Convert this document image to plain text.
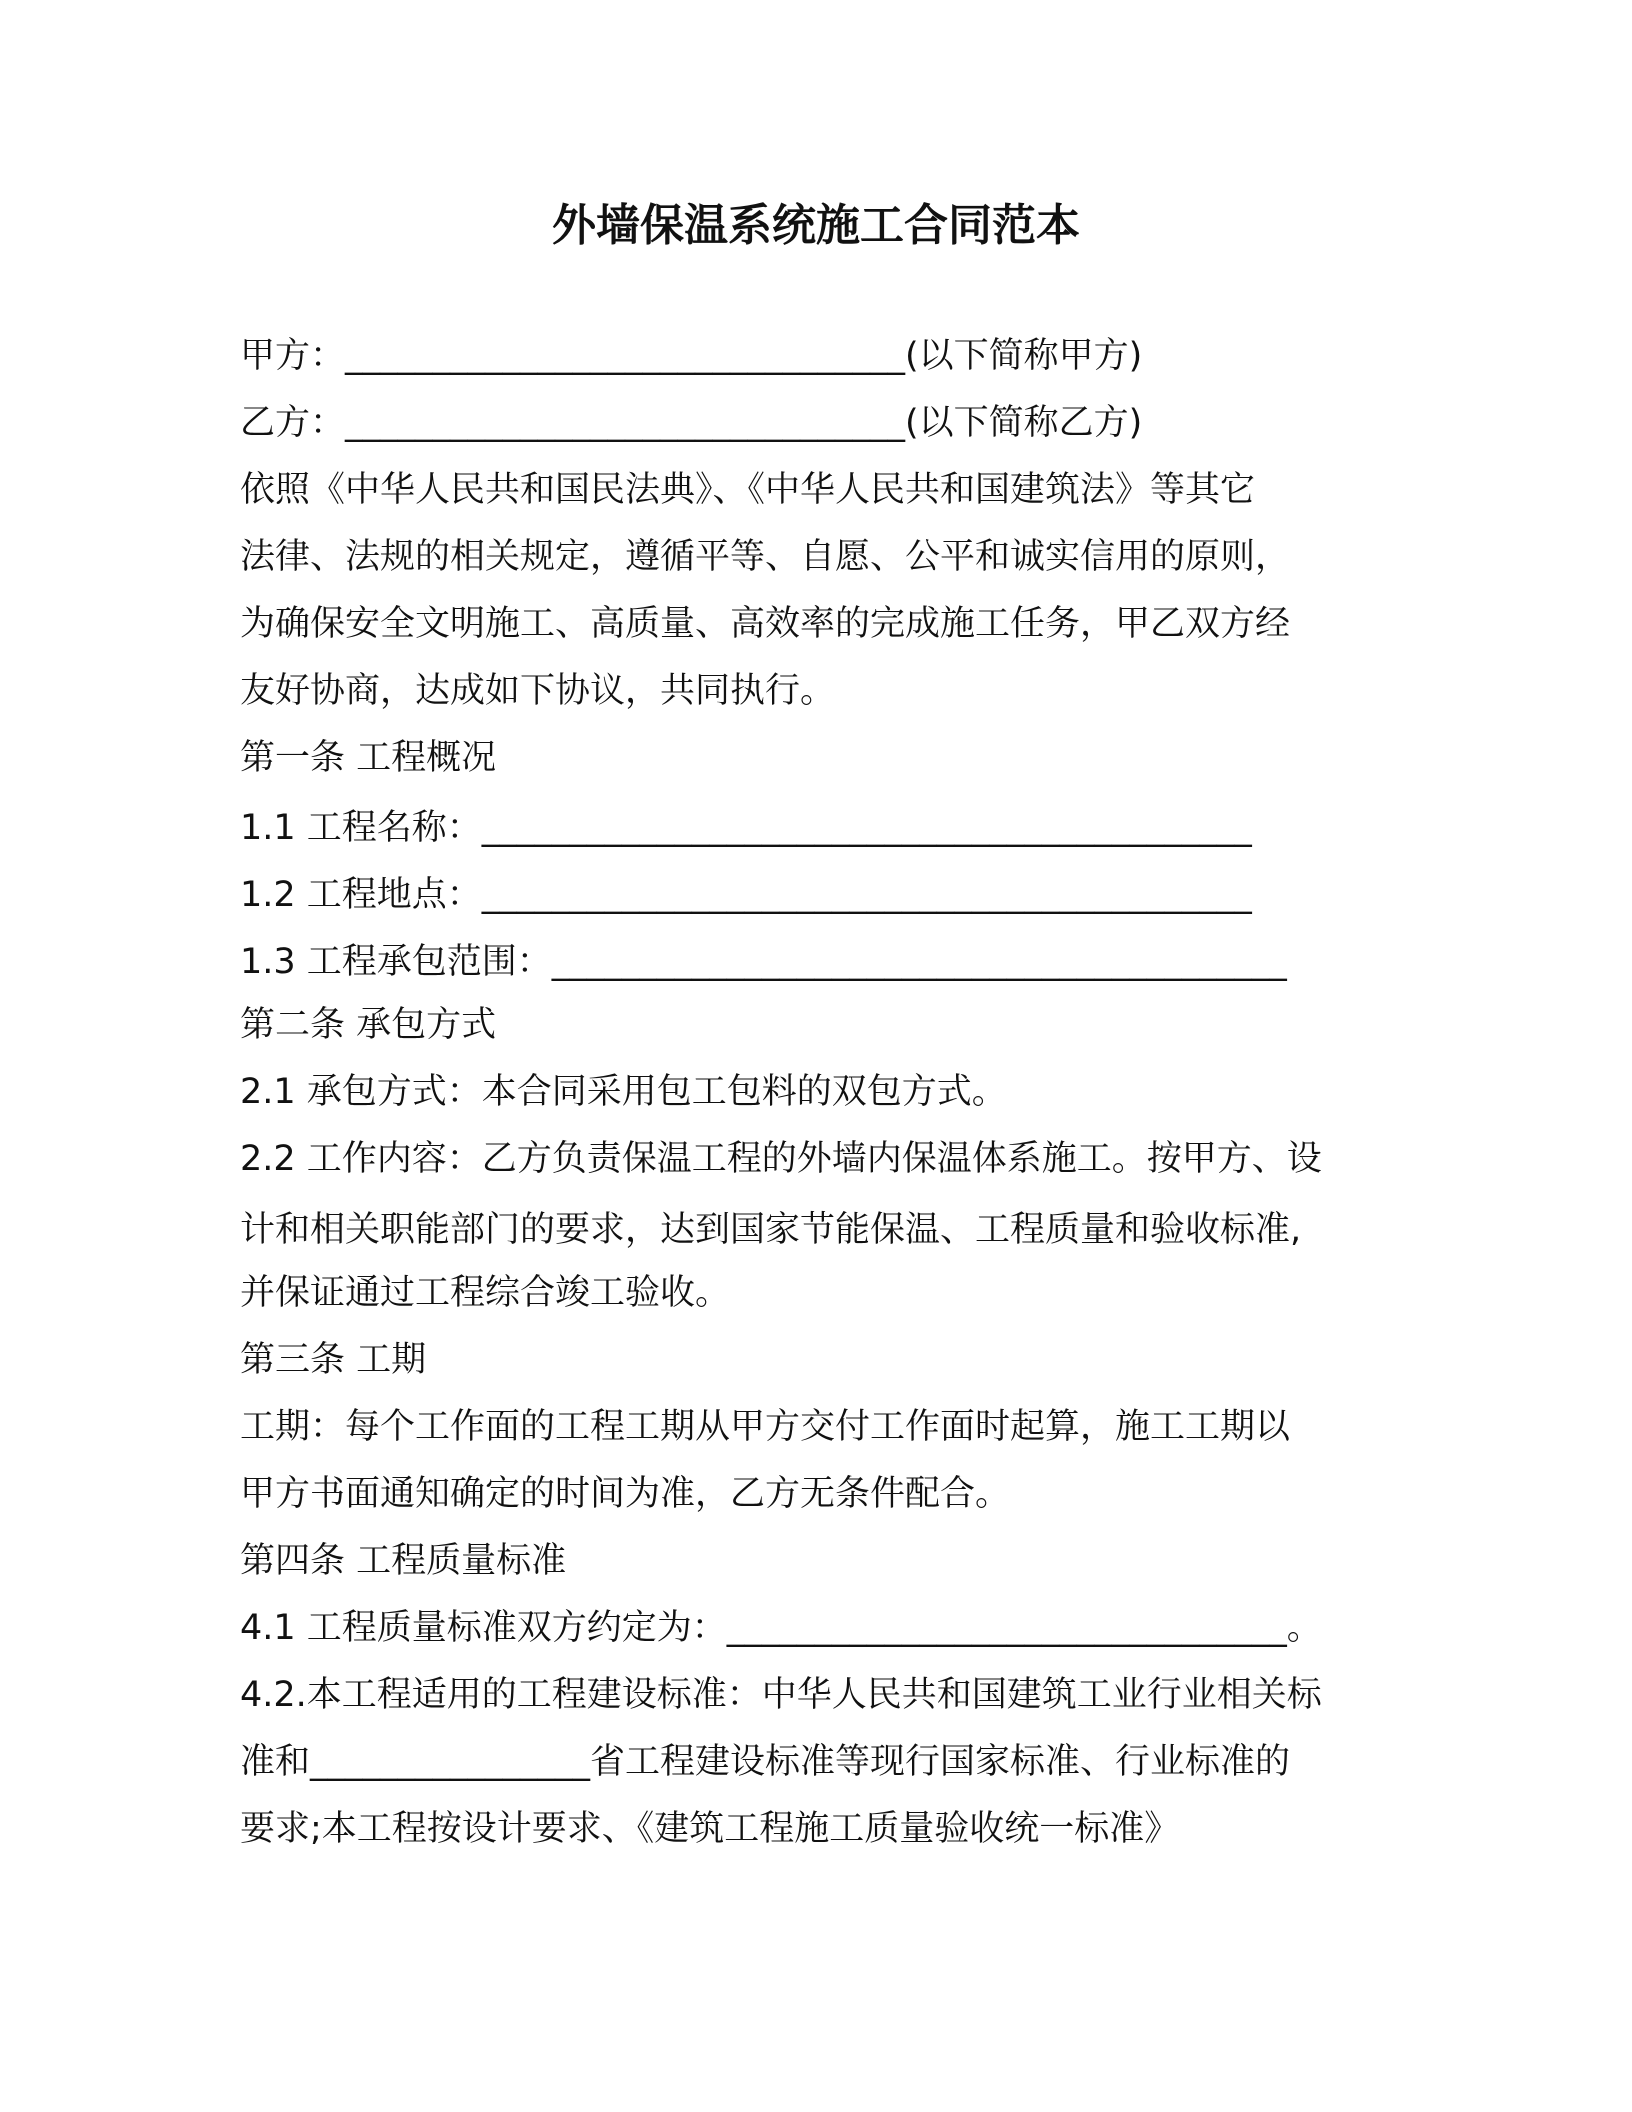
外墙保温系统施工合同范本
甲方：________________________________(以下简称甲方)
乙方：________________________________(以下简称乙方)
依照《中华人民共和国民法典》、《中华人民共和国建筑法》等其它
法律、法规的相关规定，遵循平等、自愿、公平和诚实信用的原则，
为确保安全文明施工、高质量、高效率的完成施工任务，甲乙双方经
友好协商，达成如下协议，共同执行。
第一条 工程概况
1.1 工程名称：____________________________________________
1.2 工程地点：____________________________________________
1.3 工程承包范围：__________________________________________
第二条 承包方式
2.1 承包方式：本合同采用包工包料的双包方式。
2.2 工作内容：乙方负责保温工程的外墙内保温体系施工。按甲方、设
计和相关职能部门的要求，达到国家节能保温、工程质量和验收标准,
并保证通过工程综合竣工验收。
第三条 工期
工期：每个工作面的工程工期从甲方交付工作面时起算，施工工期以
甲方书面通知确定的时间为准，乙方无条件配合。
第四条 工程质量标准
4.1 工程质量标准双方约定为：________________________________。
4.2.本工程适用的工程建设标准：中华人民共和国建筑工业行业相关标
准和________________省工程建设标准等现行国家标准、行业标准的
要求;本工程按设计要求、《建筑工程施工质量验收统一标准》
